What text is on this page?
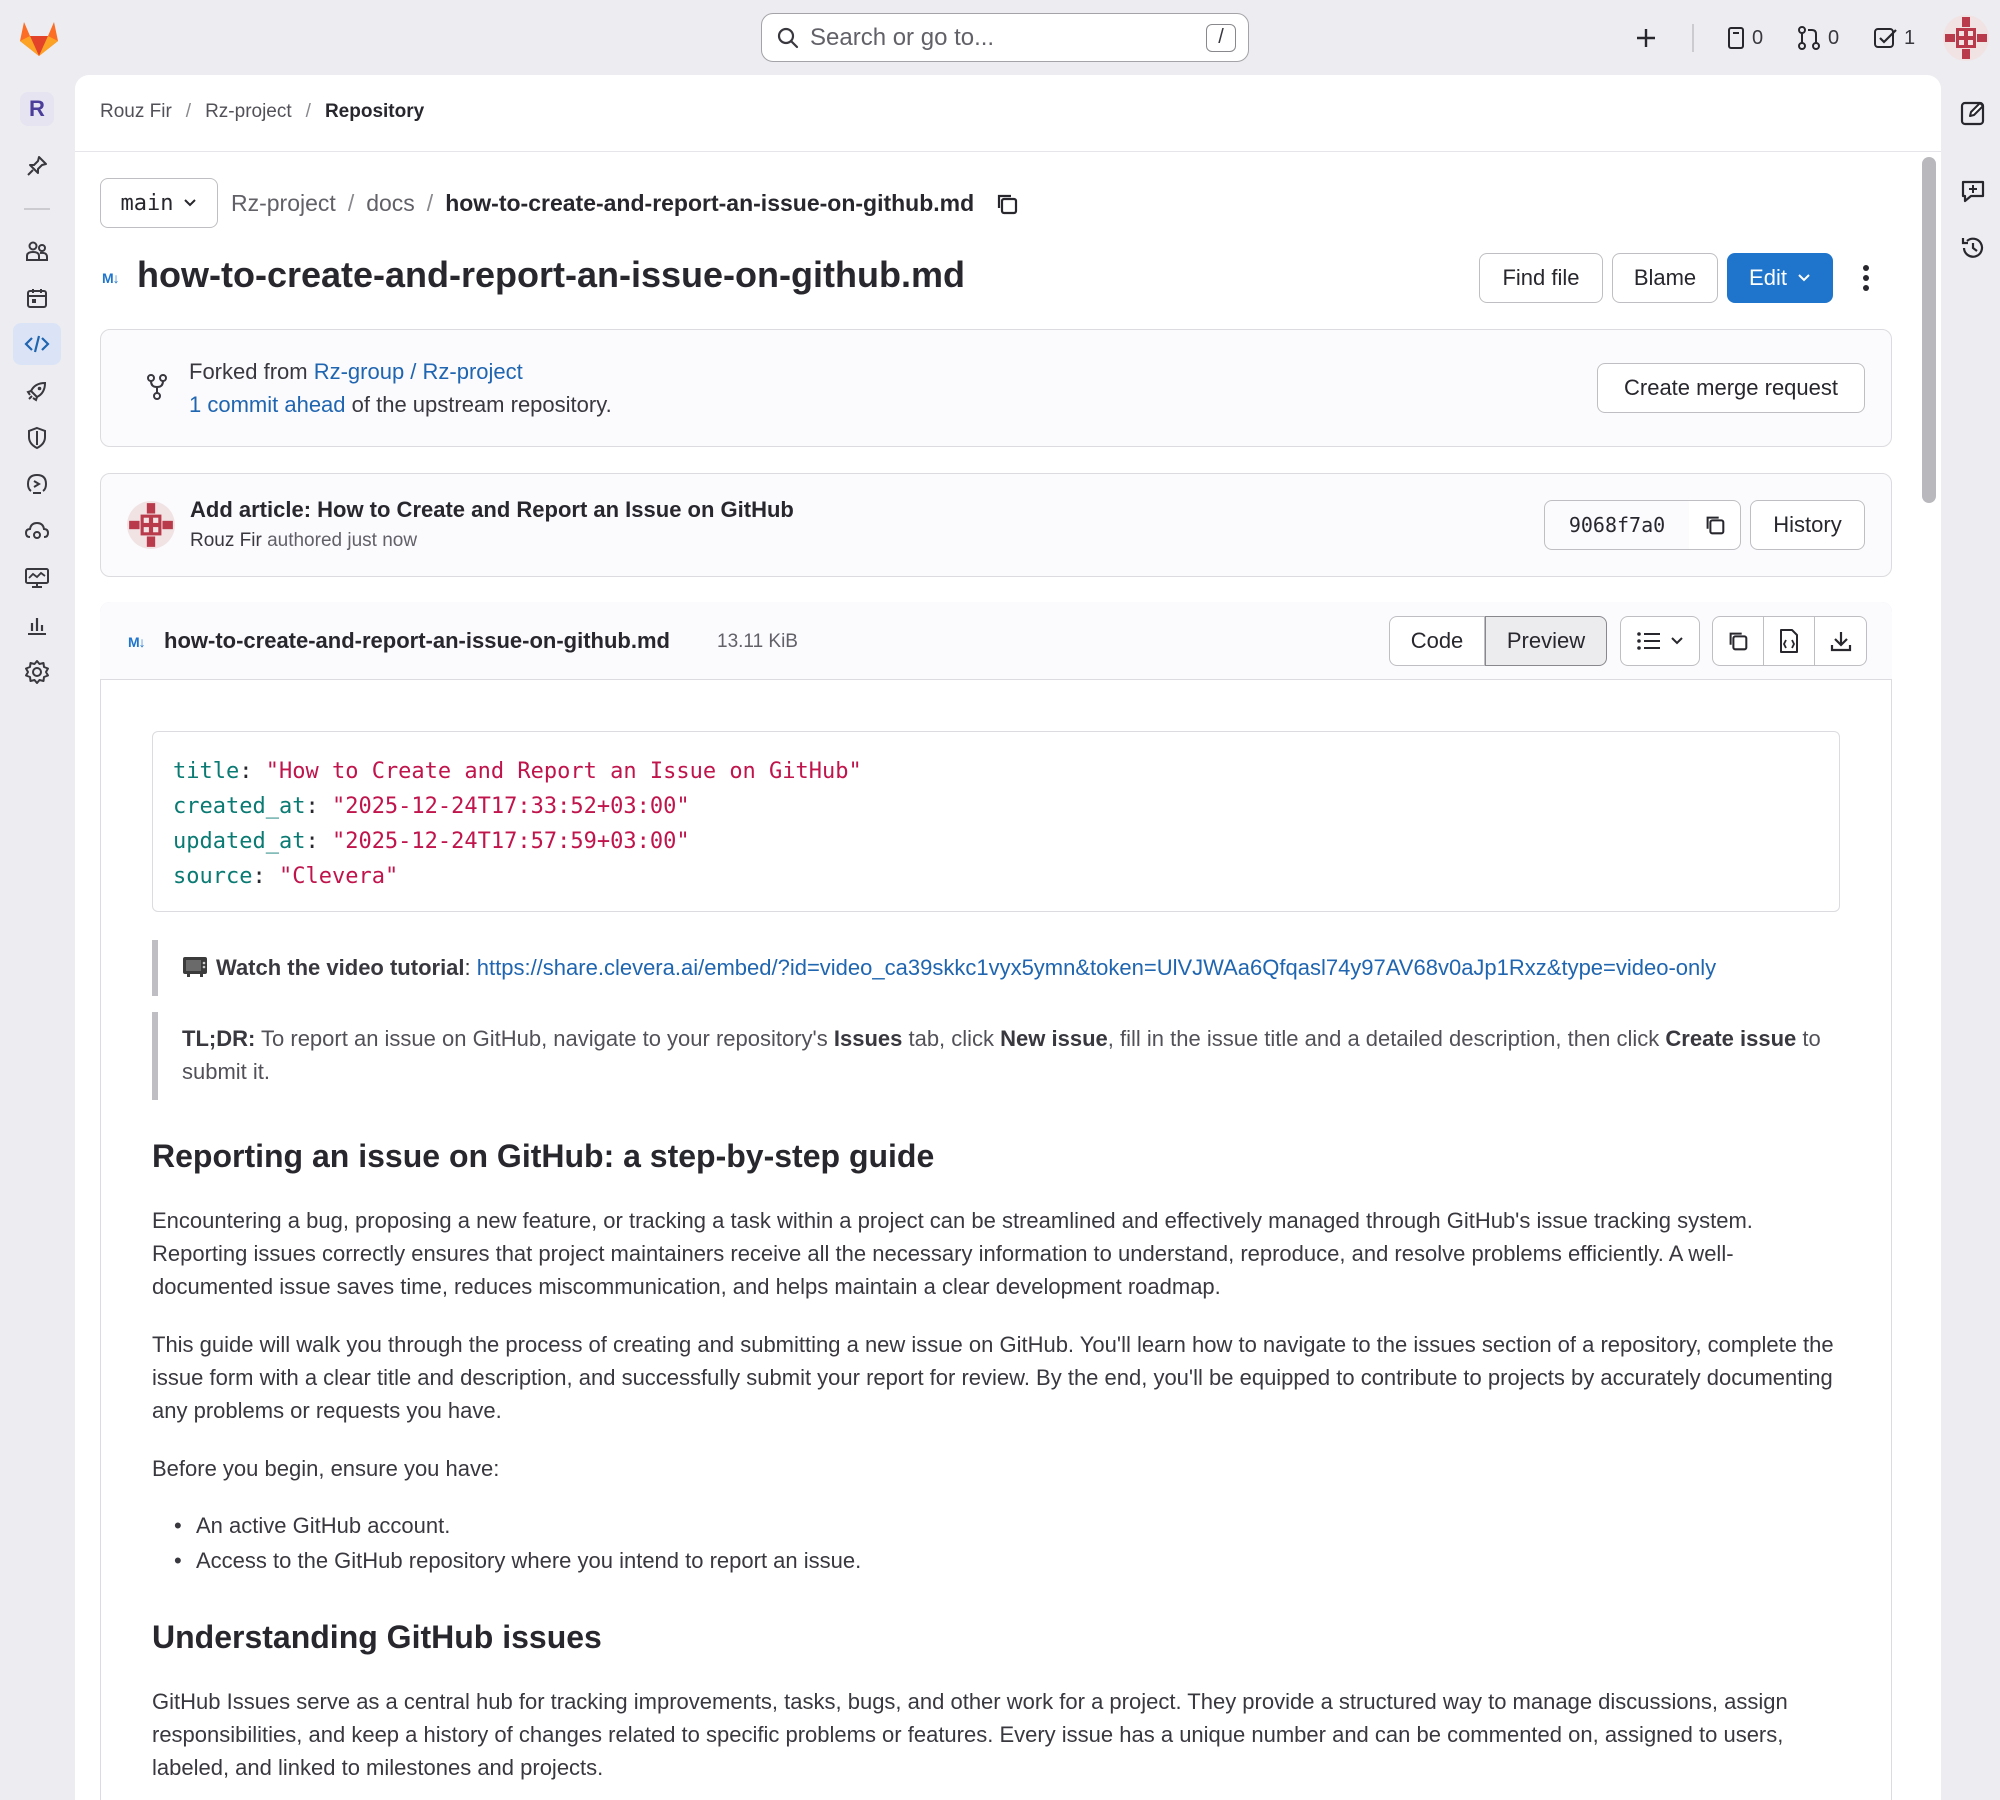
Search or go to...	/	0	0	1
R	Rouz Fir / Rz-project / Repository
main	Rz-project / docs / how-to-create-and-report-an-issue-on-github.md
M↓ how-to-create-and-report-an-issue-on-github.md	Find file	Blame	Edit
Forked from Rz-group / Rz-project
1 commit ahead of the upstream repository.
Create merge request
Add article: How to Create and Report an Issue on GitHub
Rouz Fir authored just now
9068f7a0	History
M↓ how-to-create-and-report-an-issue-on-github.md 13.11 KiB	Code	Preview
title: "How to Create and Report an Issue on GitHub"
created_at: "2025-12-24T17:33:52+03:00"
updated_at: "2025-12-24T17:57:59+03:00"
source: "Clevera"
Watch the video tutorial: https://share.clevera.ai/embed/?id=video_ca39skkc1vyx5ymn&token=UlVJWAa6Qfqasl74y97AV68v0aJp1Rxz&type=video-only
TL;DR: To report an issue on GitHub, navigate to your repository's Issues tab, click New issue, fill in the issue title and a detailed description, then click Create issue to submit it.
Reporting an issue on GitHub: a step-by-step guide
Encountering a bug, proposing a new feature, or tracking a task within a project can be streamlined and effectively managed through GitHub's issue tracking system. Reporting issues correctly ensures that project maintainers receive all the necessary information to understand, reproduce, and resolve problems efficiently. A well-documented issue saves time, reduces miscommunication, and helps maintain a clear development roadmap.
This guide will walk you through the process of creating and submitting a new issue on GitHub. You'll learn how to navigate to the issues section of a repository, complete the issue form with a clear title and description, and successfully submit your report for review. By the end, you'll be equipped to contribute to projects by accurately documenting any problems or requests you have.
Before you begin, ensure you have:
• An active GitHub account.
• Access to the GitHub repository where you intend to report an issue.
Understanding GitHub issues
GitHub Issues serve as a central hub for tracking improvements, tasks, bugs, and other work for a project. They provide a structured way to manage discussions, assign responsibilities, and keep a history of changes related to specific problems or features. Every issue has a unique number and can be commented on, assigned to users, labeled, and linked to milestones and projects.
